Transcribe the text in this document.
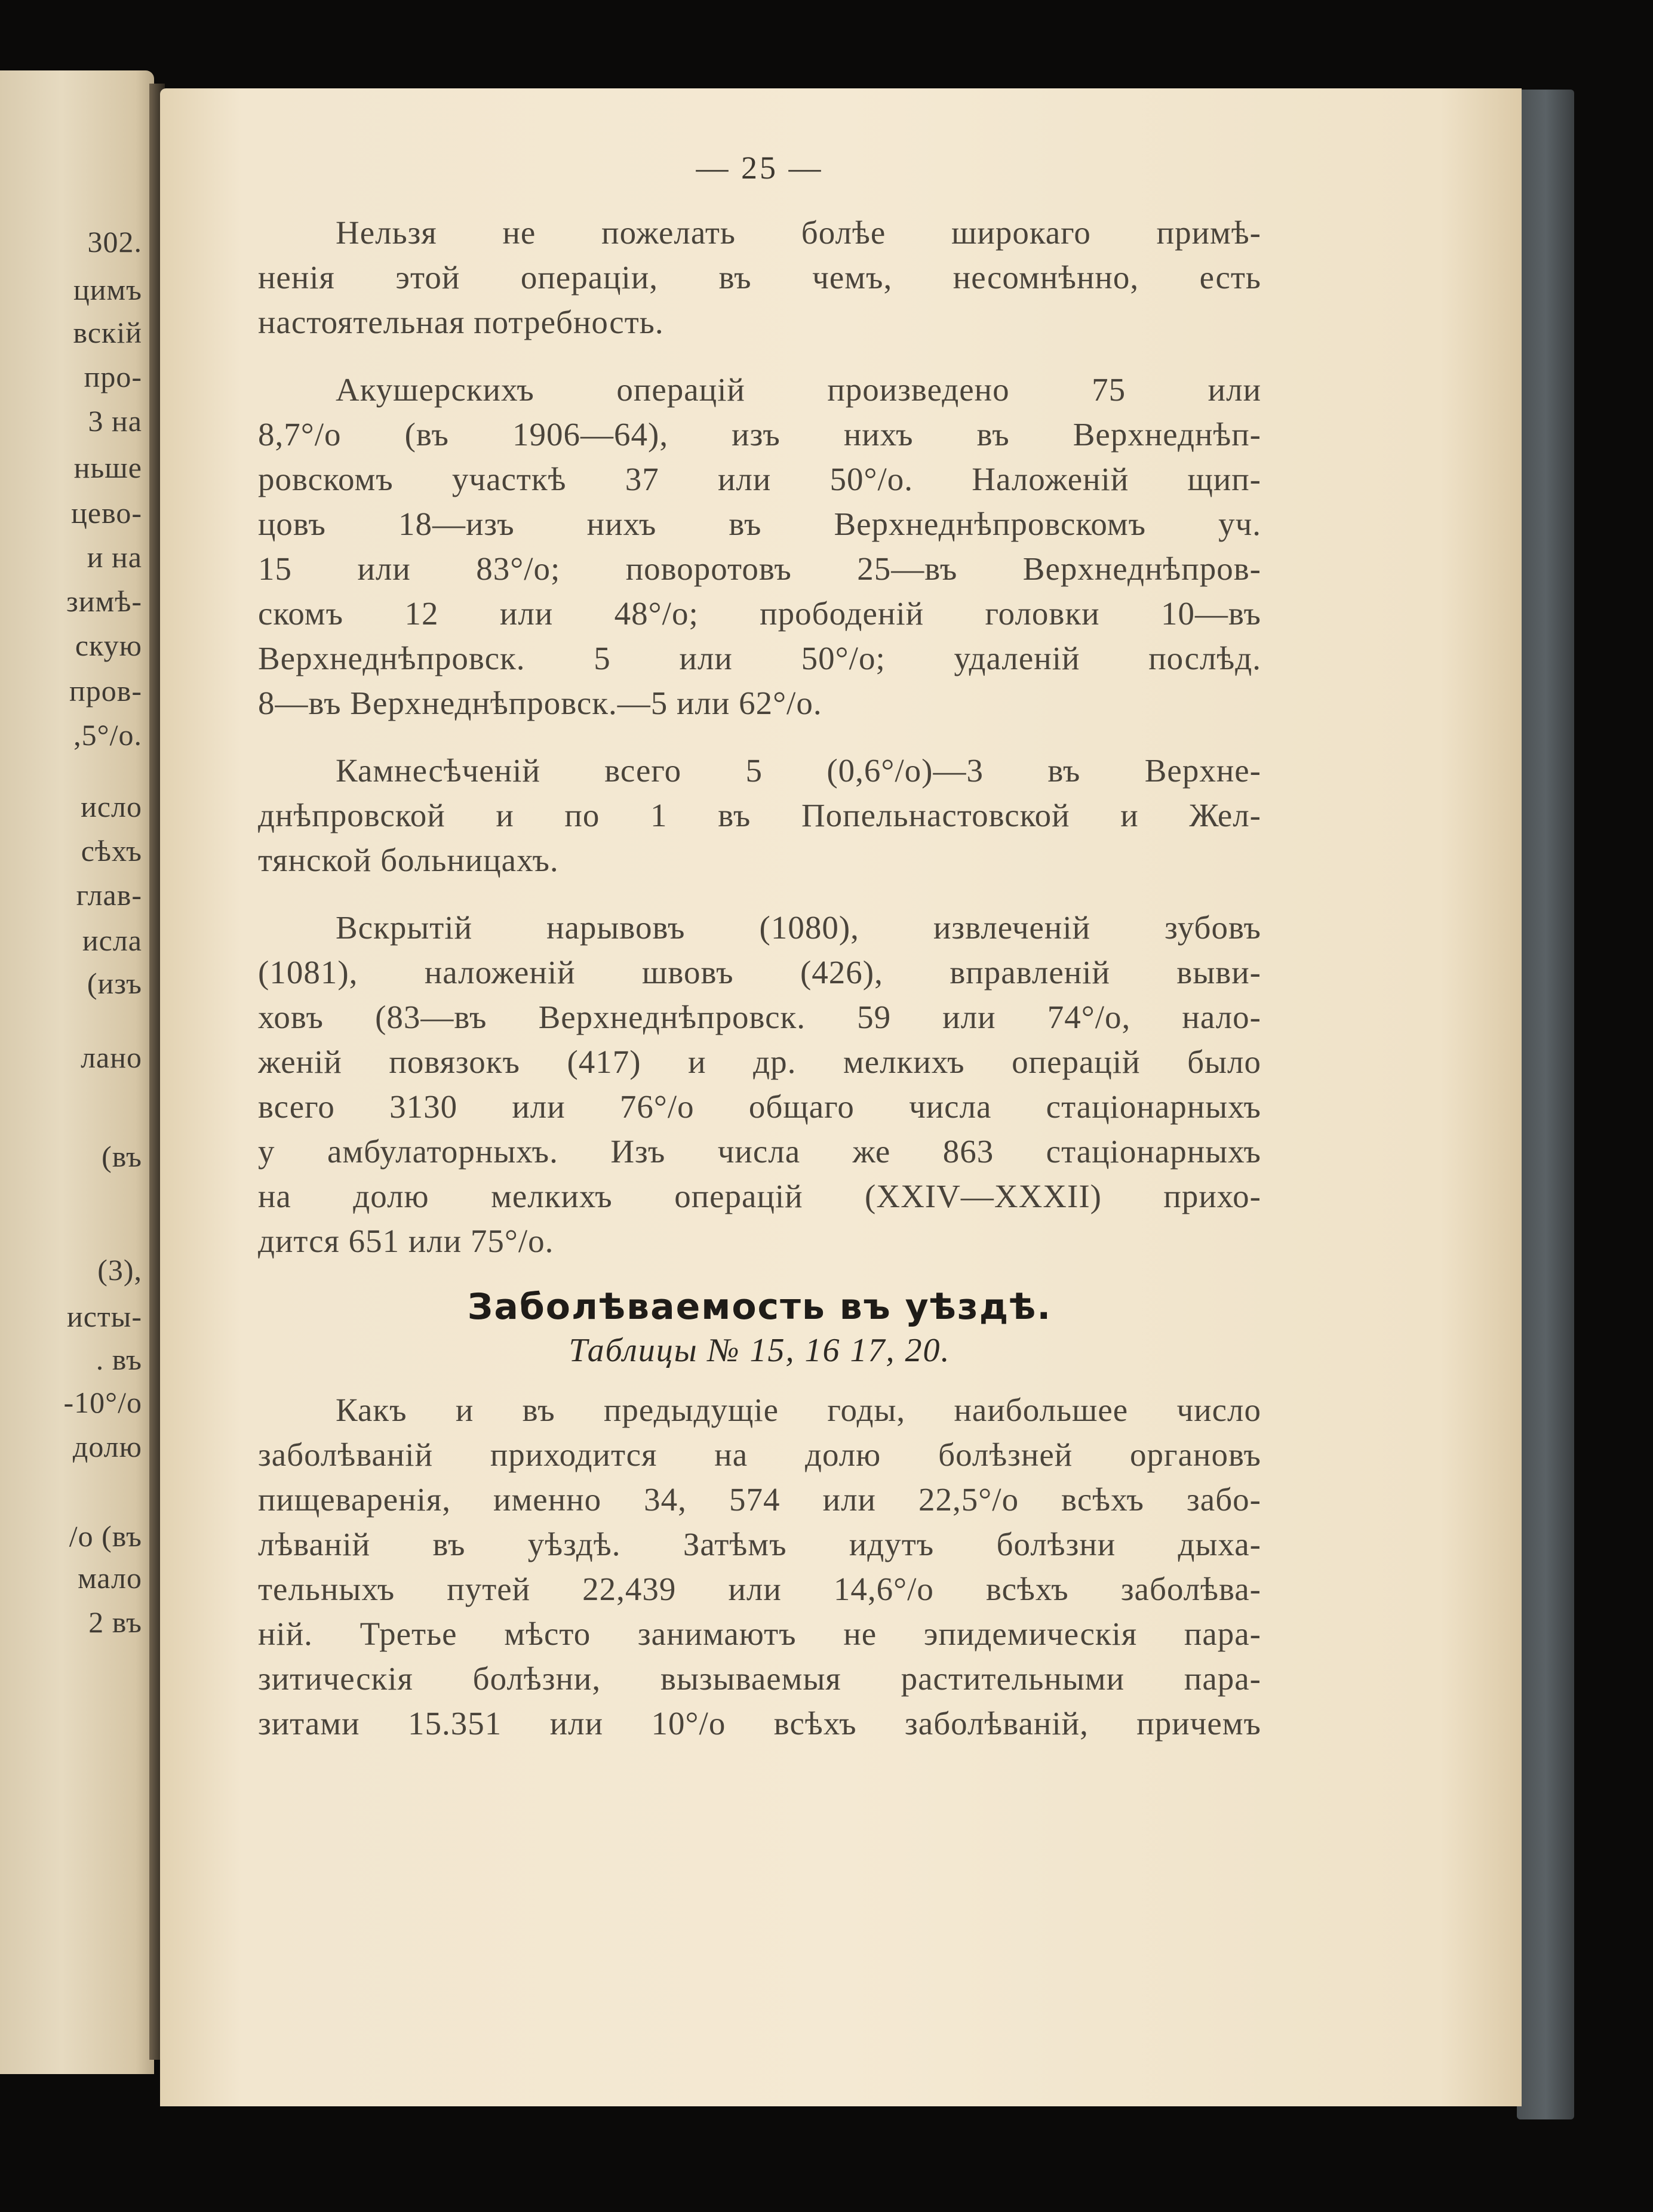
302.
цимъ
вскій
про-
3 на
ньше
цево-
и на
зимѣ-
скую
пров-
,5°/о.
исло
сѣхъ
глав-
исла
(изъ
лано
(въ
(3),
исты-
. въ
-10°/о
долю
/о (въ
мало
2 въ
— 25 —
Нельзя не пожелать болѣе широкаго примѣ-
ненія этой операціи, въ чемъ, несомнѣнно, есть
настоятельная потребность.
Акушерскихъ операцій произведено 75 или
8,7°/о (въ 1906—64), изъ нихъ въ Верхнеднѣп-
ровскомъ участкѣ 37 или 50°/о. Наложеній щип-
цовъ 18—изъ нихъ въ Верхнеднѣпровскомъ уч.
15 или 83°/о; поворотовъ 25—въ Верхнеднѣпров-
скомъ 12 или 48°/о; прободеній головки 10—въ
Верхнеднѣпровск. 5 или 50°/о; удаленій послѣд.
8—въ Верхнеднѣпровск.—5 или 62°/о.
Камнесѣченій всего 5 (0,6°/о)—3 въ Верхне-
днѣпровской и по 1 въ Попельнастовской и Жел-
тянской больницахъ.
Вскрытій нарывовъ (1080), извлеченій зубовъ
(1081), наложеній швовъ (426), вправленій выви-
ховъ (83—въ Верхнеднѣпровск. 59 или 74°/о, нало-
женій повязокъ (417) и др. мелкихъ операцій было
всего 3130 или 76°/о общаго числа стаціонарныхъ
у амбулаторныхъ. Изъ числа же 863 стаціонарныхъ
на долю мелкихъ операцій (XXIV—XXXII) прихо-
дится 651 или 75°/о.
Заболѣваемость въ уѣздѣ.
Таблицы № 15, 16 17, 20.
Какъ и въ предыдущіе годы, наибольшее число
заболѣваній приходится на долю болѣзней органовъ
пищеваренія, именно 34, 574 или 22,5°/о всѣхъ забо-
лѣваній въ уѣздѣ. Затѣмъ идутъ болѣзни дыха-
тельныхъ путей 22,439 или 14,6°/о всѣхъ заболѣва-
ній. Третье мѣсто занимаютъ не эпидемическія пара-
зитическія болѣзни, вызываемыя растительными пара-
зитами 15.351 или 10°/о всѣхъ заболѣваній, причемъ
